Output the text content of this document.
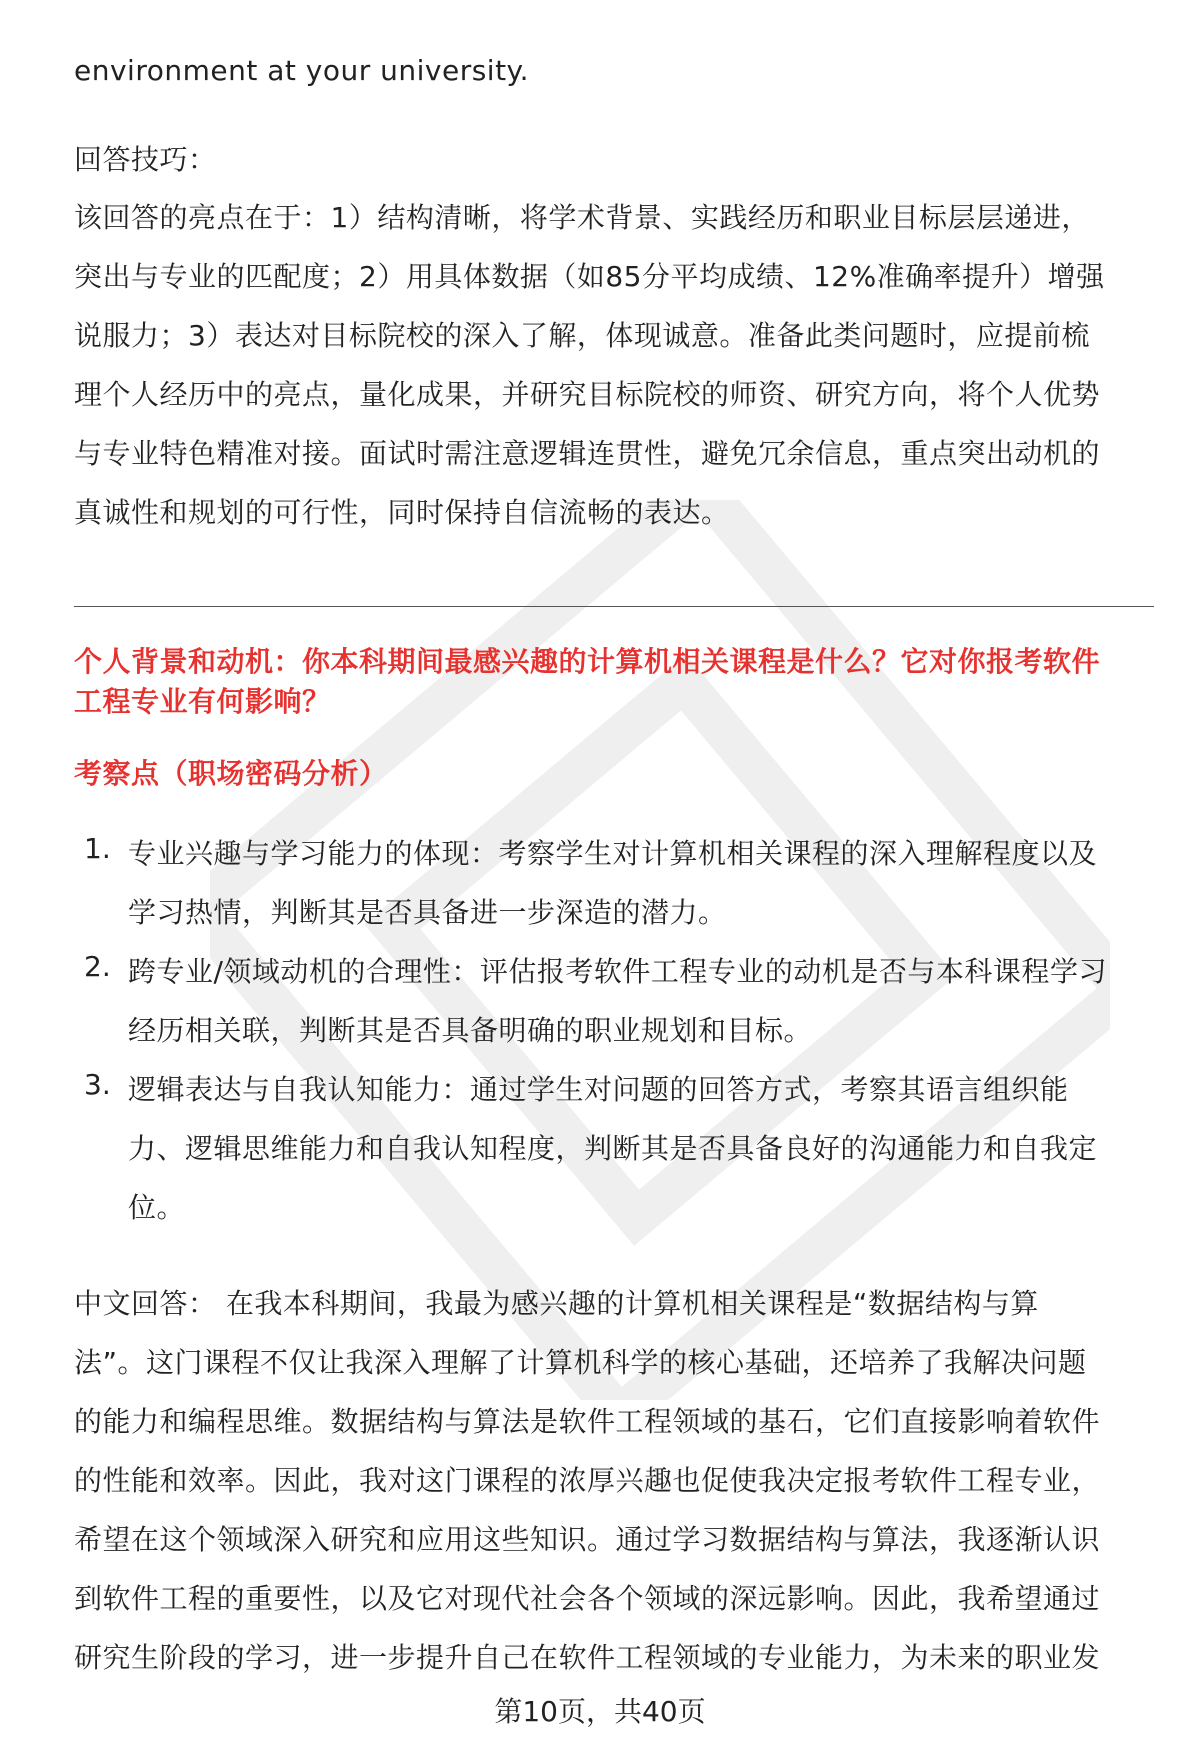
environment at your university.
回答技巧：
该回答的亮点在于：1）结构清晰，将学术背景、实践经历和职业目标层层递进，
突出与专业的匹配度；2）用具体数据（如85分平均成绩、12%准确率提升）增强
说服力；3）表达对目标院校的深入了解，体现诚意。准备此类问题时，应提前梳
理个人经历中的亮点，量化成果，并研究目标院校的师资、研究方向，将个人优势
与专业特色精准对接。面试时需注意逻辑连贯性，避免冗余信息，重点突出动机的
真诚性和规划的可行性，同时保持自信流畅的表达。
个人背景和动机：你本科期间最感兴趣的计算机相关课程是什么？它对你报考软件
工程专业有何影响？
考察点（职场密码分析）
1. 专业兴趣与学习能力的体现：考察学生对计算机相关课程的深入理解程度以及
学习热情，判断其是否具备进一步深造的潜力。
2. 跨专业/领域动机的合理性：评估报考软件工程专业的动机是否与本科课程学习
经历相关联，判断其是否具备明确的职业规划和目标。
3. 逻辑表达与自我认知能力：通过学生对问题的回答方式，考察其语言组织能
力、逻辑思维能力和自我认知程度，判断其是否具备良好的沟通能力和自我定
位。
中文回答： 在我本科期间，我最为感兴趣的计算机相关课程是“数据结构与算
法”。这门课程不仅让我深入理解了计算机科学的核心基础，还培养了我解决问题
的能力和编程思维。数据结构与算法是软件工程领域的基石，它们直接影响着软件
的性能和效率。因此，我对这门课程的浓厚兴趣也促使我决定报考软件工程专业，
希望在这个领域深入研究和应用这些知识。通过学习数据结构与算法，我逐渐认识
到软件工程的重要性，以及它对现代社会各个领域的深远影响。因此，我希望通过
研究生阶段的学习，进一步提升自己在软件工程领域的专业能力，为未来的职业发
第10页，共40页
